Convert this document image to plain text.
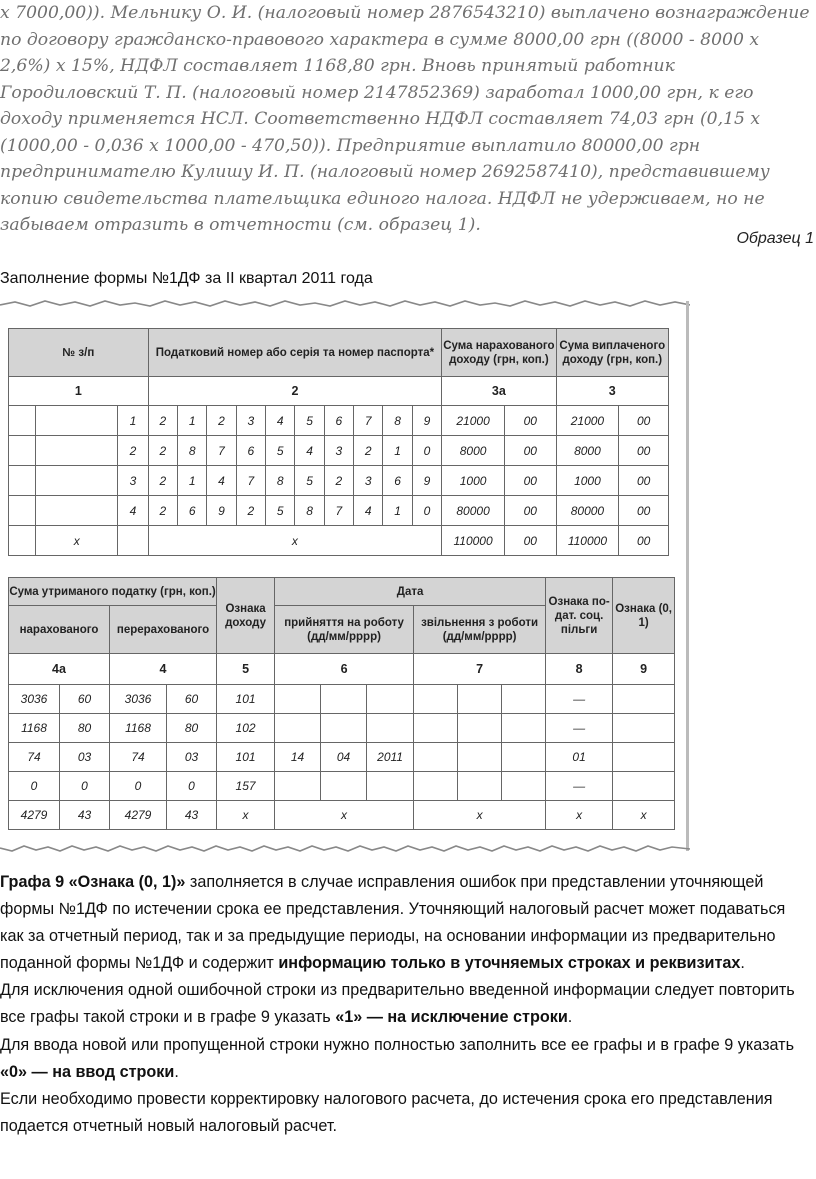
х 7000,00)). Мельнику О. И. (налоговый номер 2876543210) выплачено вознаграждение по договору гражданско-правового характера в сумме 8000,00 грн ((8000 - 8000 х 2,6%) х 15%, НДФЛ составляет 1168,80 грн. Вновь принятый работник Городиловский Т. П. (налоговый номер 2147852369) заработал 1000,00 грн, к его доходу применяется НСЛ. Соответственно НДФЛ составляет 74,03 грн (0,15 х (1000,00 - 0,036 х 1000,00 - 470,50)). Предприятие выплатило 80000,00 грн предпринимателю Кулишу И. П. (налоговый номер 2692587410), представившему копию свидетельства плательщика единого налога. НДФЛ не удерживаем, но не забываем отразить в отчетности (см. образец 1).

Образец 1
Заполнение формы №1ДФ за II квартал 2011 года
№ з/п			Податковий номер або серія та номер паспорта*										Сума нарахованого доходу (грн, коп.)		Сума виплаченого доходу (грн, коп.)	
1			2										3а		3	
		1	2	1	2	3	4	5	6	7	8	9	21000	00	21000	00
		2	2	8	7	6	5	4	3	2	1	0	8000	00	8000	00
		3	2	1	4	7	8	5	2	3	6	9	1000	00	1000	00
		4	2	6	9	2	5	8	7	4	1	0	80000	00	80000	00
	x		x										110000	00	110000	00
Сума утриманого податку (грн, коп.)				Ознака доходу	Дата						Ознака по-дат. соц. пільги	Ознака (0, 1)
нарахованого		перерахованого			прийняття на роботу (дд/мм/рррр)			звільнення з роботи (дд/мм/рррр)				
4а		4		5	6			7			8	9
3036	60	3036	60	101							—	
1168	80	1168	80	102							—	
74	03	74	03	101	14	04	2011				01	
0	0	0	0	157							—	
4279	43	4279	43	x	x			x			x	x

Графа 9 «Ознака (0, 1)» заполняется в случае исправления ошибок при представлении уточняющей формы №1ДФ по истечении срока ее представления. Уточняющий налоговый расчет может подаваться как за отчетный период, так и за предыдущие периоды, на основании информации из предварительно поданной формы №1ДФ и содержит информацию только в уточняемых строках и реквизитах.

Для исключения одной ошибочной строки из предварительно введенной информации следует повторить все графы такой строки и в графе 9 указать «1» — на исключение строки.

Для ввода новой или пропущенной строки нужно полностью заполнить все ее графы и в графе 9 указать «0» — на ввод строки.

Если необходимо провести корректировку налогового расчета, до истечения срока его представления подается отчетный новый налоговый расчет.
